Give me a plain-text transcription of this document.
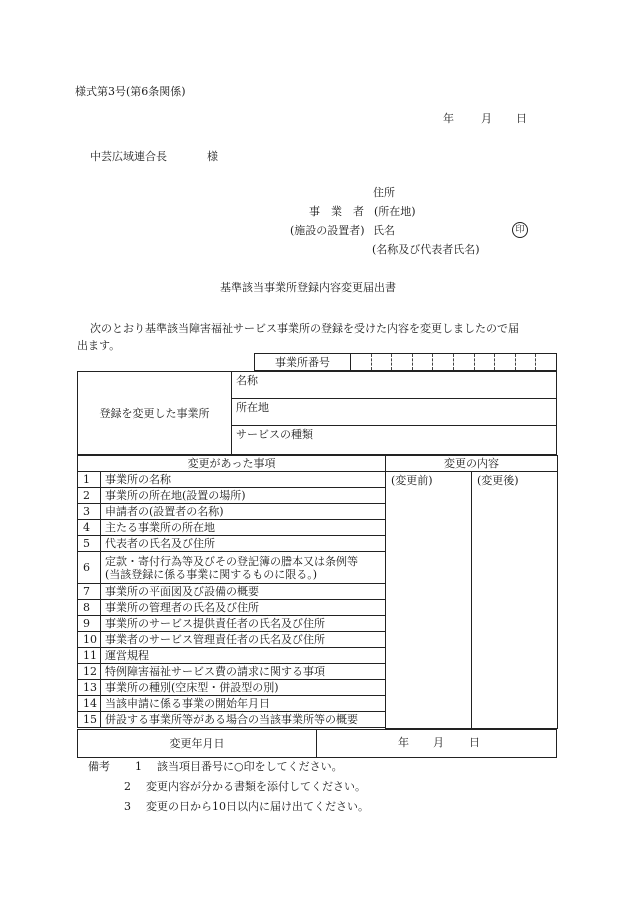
様式第3号(第6条関係)
年 月 日
中芸広域連合長	様
住所
事　業　者 (所在地)
(施設の設置者) 氏名	印
(名称及び代表者氏名)
基準該当事業所登録内容変更届出書
次のとおり基準該当障害福祉サービス事業所の登録を受けた内容を変更しましたので届
出ます。
事業所番号										
登録を変更した事業所	名称
所在地
サービスの種類
変更があった事項		変更の内容	
1	事業所の名称	(変更前)	(変更後)
2	事業所の所在地(設置の場所)		
3	申請者の(設置者の名称)		
4	主たる事業所の所在地		
5	代表者の氏名及び住所		
6	定款・寄付行為等及びその登記簿の謄本又は条例等
(当該登録に係る事業に関するものに限る。)		

7	事業所の平面図及び設備の概要		
8	事業所の管理者の氏名及び住所		
9	事業所のサービス提供責任者の氏名及び住所		
10	事業者のサービス管理責任者の氏名及び住所		
11	運営規程		
12	特例障害福祉サービス費の請求に関する事項		
13	事業所の種別(空床型・併設型の別)		
14	当該申請に係る事業の開始年月日		
15	併設する事業所等がある場合の当該事業所等の概要		

変更年月日	年 月 日
備考 1 該当項目番号に○印をしてください。
2 変更内容が分かる書類を添付してください。
3 変更の日から10日以内に届け出てください。
